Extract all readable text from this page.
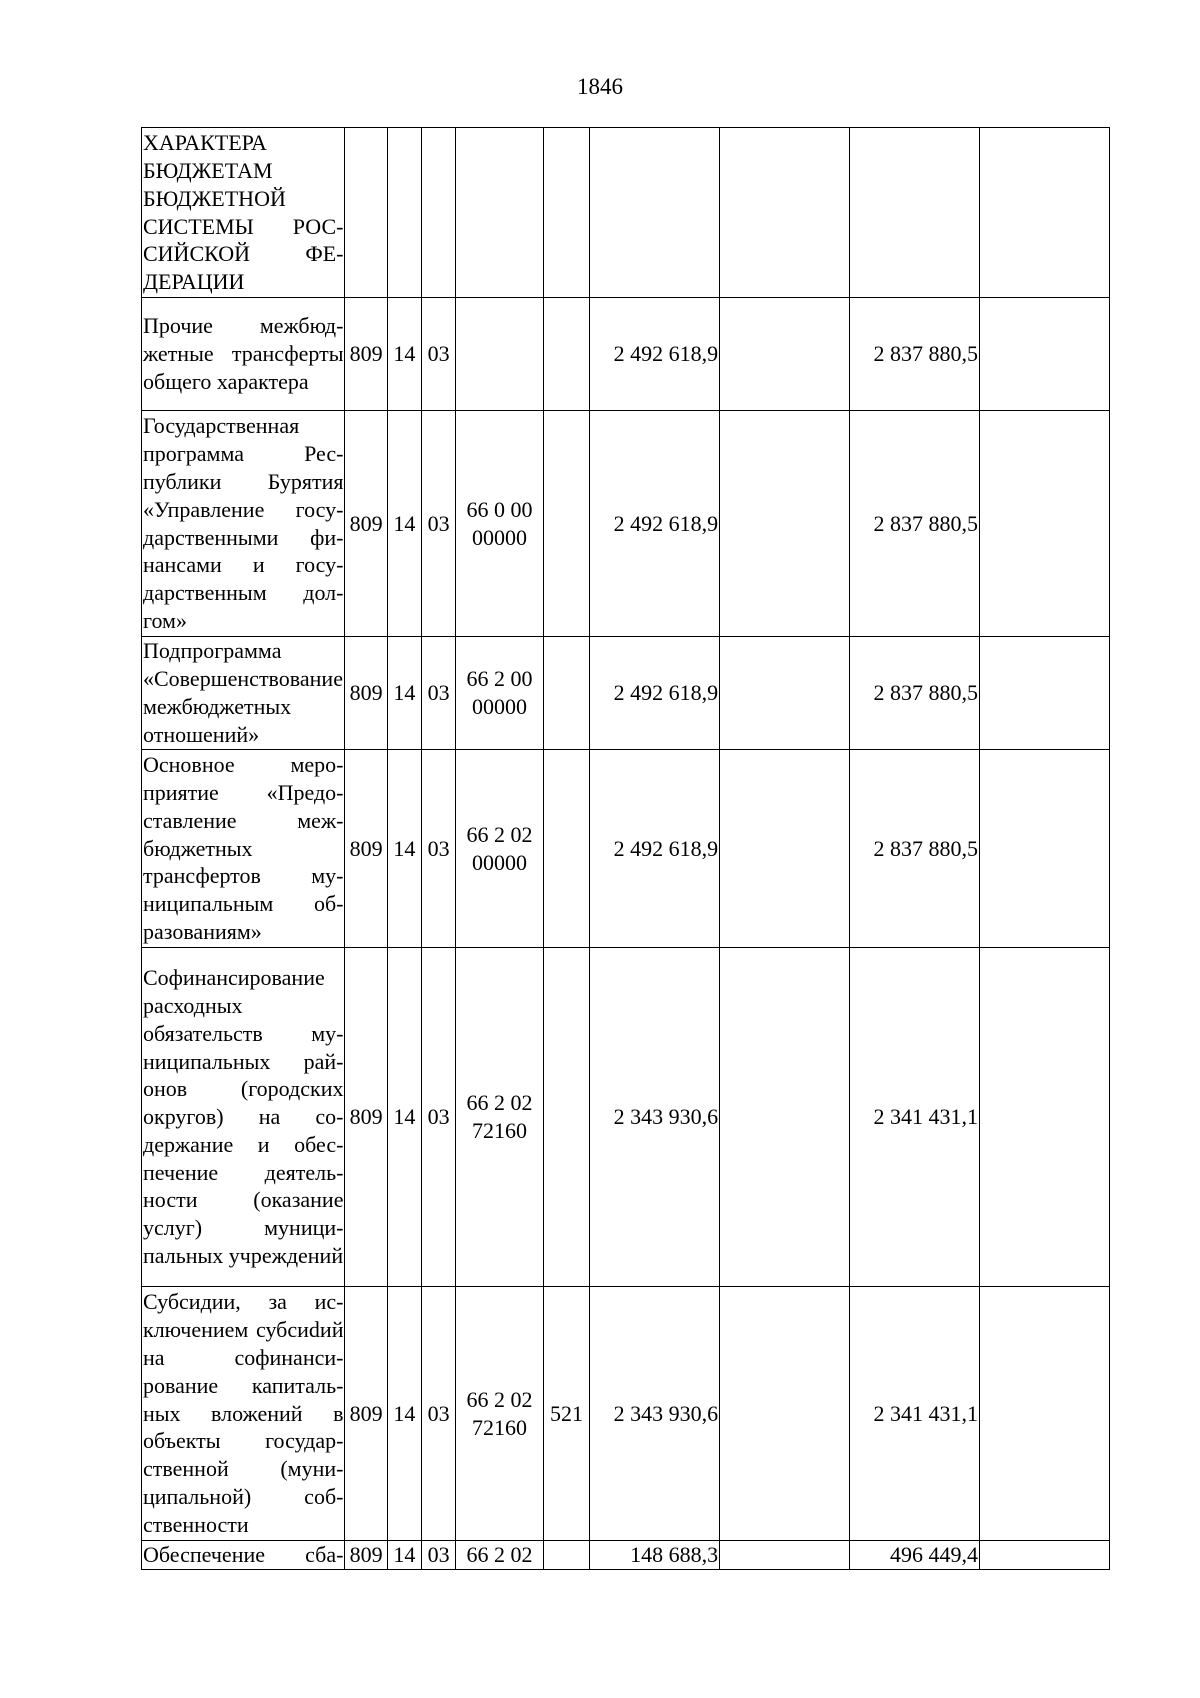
1846
ХАРАКТЕРА БЮДЖЕТАМ БЮДЖЕТНОЙ СИСТЕМЫ РОССИЙСКОЙ ФЕДЕРАЦИИ									

Прочие межбюджетные трансферты общего характера	809	14	03			2 492 618,9		2 837 880,5	

Государственная программа Республики Бурятия «Управление государственными финансами и государственным долгом»	809	14	03	66 0 00 00000		2 492 618,9		2 837 880,5	

Подпрограмма «Совершенствование межбюджетных отношений»	809	14	03	66 2 00 00000		2 492 618,9		2 837 880,5	

Основное мероприятие «Предоставление межбюджетных трансфертов муниципальным образованиям»	809	14	03	66 2 02 00000		2 492 618,9		2 837 880,5	

Софинансирование расходных обязательств муниципальных районов (городских округов) на содержание и обеспечение деятельности (оказание услуг) муниципальных учреждений	809	14	03	66 2 02 72160		2 343 930,6		2 341 431,1	

Субсидии, за исключением субсиdий на софинансирование капитальных вложений в объекты государственной (муниципальной) собственности	809	14	03	66 2 02 72160	521	2 343 930,6		2 341 431,1	

Обеспечение сба-	809	14	03	66 2 02		148 688,3		496 449,4	
